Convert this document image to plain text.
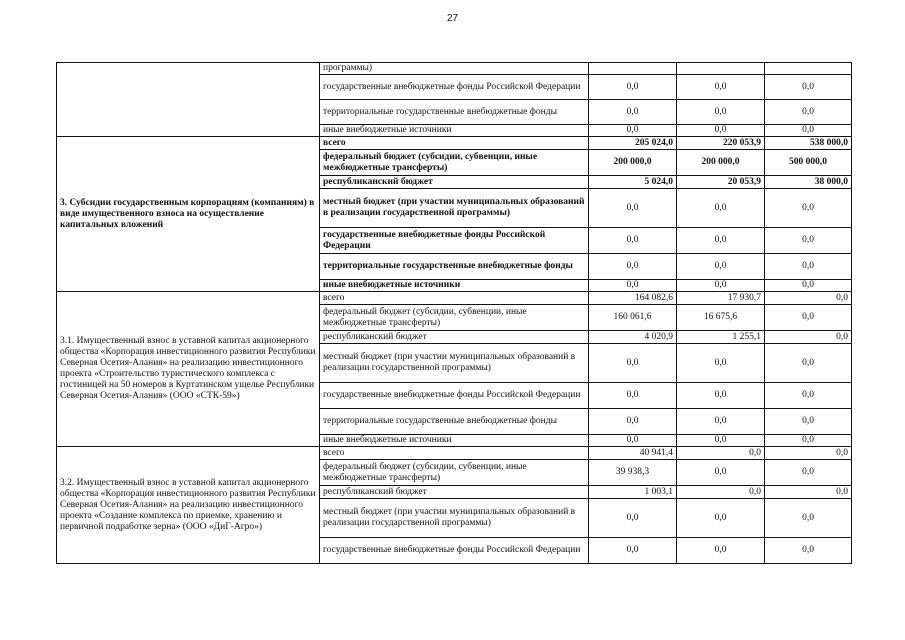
27
	программы)			
	государственные внебюджетные фонды Российской Федерации	0,0	0,0	0,0
	территориальные государственные внебюджетные фонды	0,0	0,0	0,0
	иные внебюджетные источники	0,0	0,0	0,0
3. Субсидии государственным корпорациям (компаниям) в виде имущественного взноса на осуществление капитальных вложений	всего	205 024,0	220 053,9	538 000,0
	федеральный бюджет (субсидии, субвенции, иные межбюджетные трансферты)	200 000,0	200 000,0	500 000,0
	республиканский бюджет	5 024,0	20 053,9	38 000,0
	местный бюджет (при участии муниципальных образований в реализации государственной программы)	0,0	0,0	0,0
	государственные внебюджетные фонды Российской Федерации	0,0	0,0	0,0
	территориальные государственные внебюджетные фонды	0,0	0,0	0,0
	иные внебюджетные источники	0,0	0,0	0,0
3.1. Имущественный взнос в уставной капитал акционерного общества «Корпорация инвестиционного развития Республики Северная Осетия-Алания» на реализацию инвестиционного проекта «Строительство туристического комплекса с гостиницей на 50 номеров в Куртатинском ущелье Республики Северная Осетия-Алания» (ООО «СТК-59»)	всего	164 082,6	17 930,7	0,0
	федеральный бюджет (субсидии, субвенции, иные межбюджетные трансферты)	160 061,6	16 675,6	0,0
	республиканский бюджет	4 020,9	1 255,1	0,0
	местный бюджет (при участии муниципальных образований в реализации государственной программы)	0,0	0,0	0,0
	государственные внебюджетные фонды Российской Федерации	0,0	0,0	0,0
	территориальные государственные внебюджетные фонды	0,0	0,0	0,0
	иные внебюджетные источники	0,0	0,0	0,0
3.2. Имущественный взнос в уставной капитал акционерного общества «Корпорация инвестиционного развития Республики Северная Осетия-Алания» на реализацию инвестиционного проекта «Создание комплекса по приемке, хранению и первичной подработке зерна» (ООО «ДиГ-Агро»)	всего	40 941,4	0,0	0,0
	федеральный бюджет (субсидии, субвенции, иные межбюджетные трансферты)	39 938,3	0,0	0,0
	республиканский бюджет	1 003,1	0,0	0,0
	местный бюджет (при участии муниципальных образований в реализации государственной программы)	0,0	0,0	0,0
	государственные внебюджетные фонды Российской Федерации	0,0	0,0	0,0
